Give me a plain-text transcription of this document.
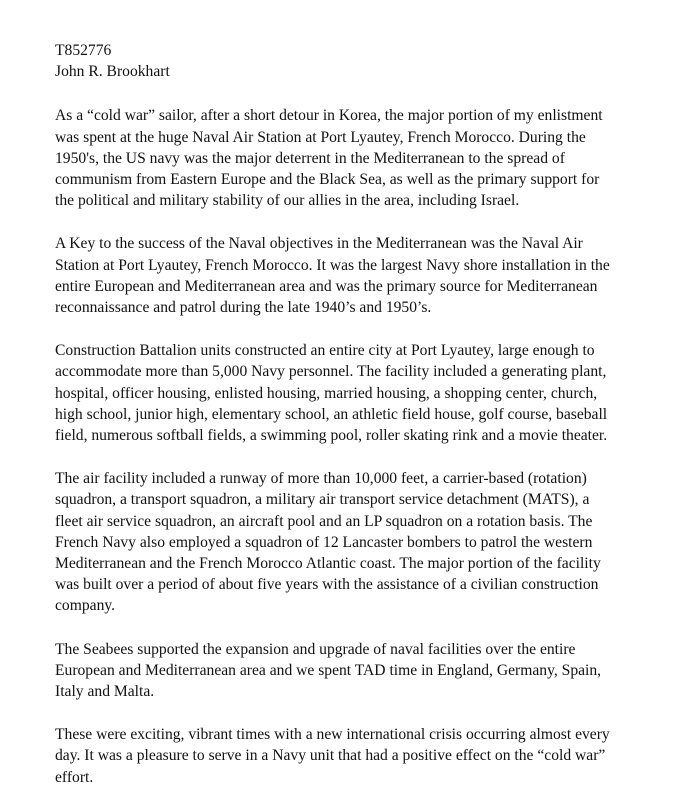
T852776
John R. Brookhart

As a “cold war” sailor, after a short detour in Korea, the major portion of my enlistment
was spent at the huge Naval Air Station at Port Lyautey, French Morocco. During the
1950's, the US navy was the major deterrent in the Mediterranean to the spread of
communism from Eastern Europe and the Black Sea, as well as the primary support for
the political and military stability of our allies in the area, including Israel.

A Key to the success of the Naval objectives in the Mediterranean was the Naval Air
Station at Port Lyautey, French Morocco. It was the largest Navy shore installation in the
entire European and Mediterranean area and was the primary source for Mediterranean
reconnaissance and patrol during the late 1940’s and 1950’s.

Construction Battalion units constructed an entire city at Port Lyautey, large enough to
accommodate more than 5,000 Navy personnel. The facility included a generating plant,
hospital, officer housing, enlisted housing, married housing, a shopping center, church,
high school, junior high, elementary school, an athletic field house, golf course, baseball
field, numerous softball fields, a swimming pool, roller skating rink and a movie theater.

The air facility included a runway of more than 10,000 feet, a carrier-based (rotation)
squadron, a transport squadron, a military air transport service detachment (MATS), a
fleet air service squadron, an aircraft pool and an LP squadron on a rotation basis. The
French Navy also employed a squadron of 12 Lancaster bombers to patrol the western
Mediterranean and the French Morocco Atlantic coast. The major portion of the facility
was built over a period of about five years with the assistance of a civilian construction
company.

The Seabees supported the expansion and upgrade of naval facilities over the entire
European and Mediterranean area and we spent TAD time in England, Germany, Spain,
Italy and Malta.

These were exciting, vibrant times with a new international crisis occurring almost every
day. It was a pleasure to serve in a Navy unit that had a positive effect on the “cold war”
effort.
